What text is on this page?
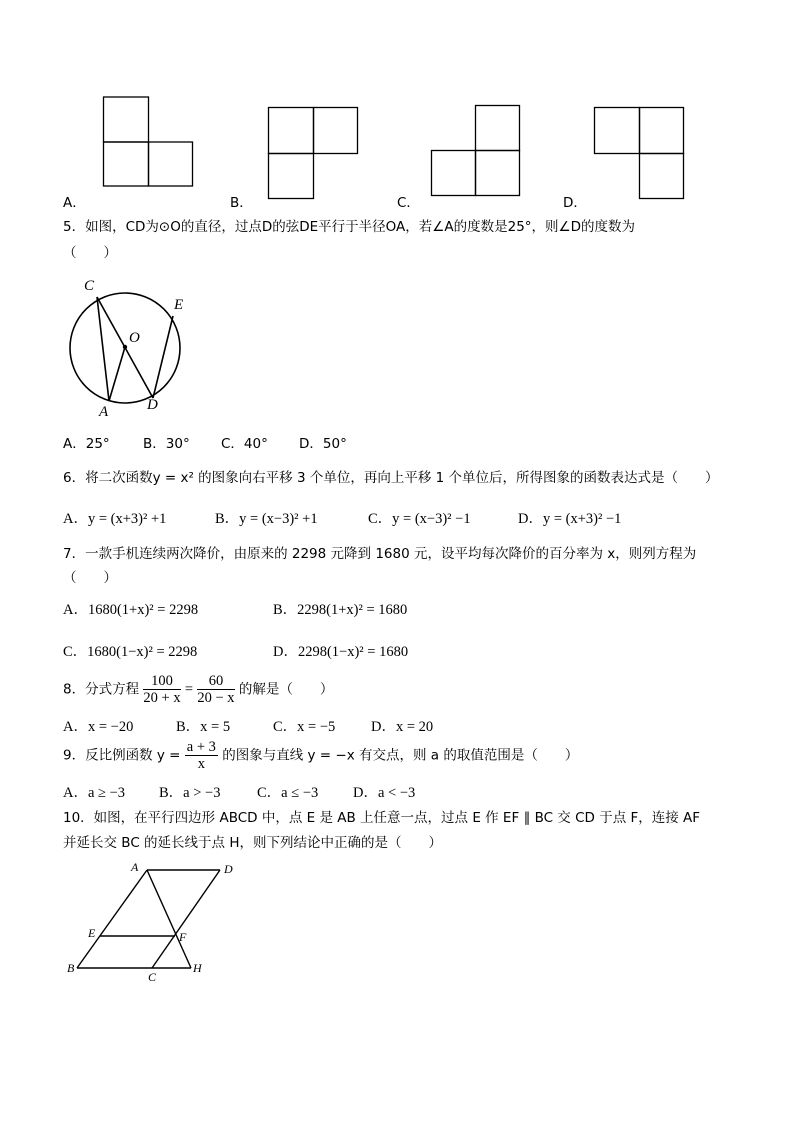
A．	B．	C．	D．
5．如图，CD为⊙O的直径，过点D的弦DE平行于半径OA，若∠A的度数是25°，则∠D的度数为
（　　）
C
E
O
A	D
A．25° B．30° C．40° D．50°
6．将二次函数y = x² 的图象向右平移 3 个单位，再向上平移 1 个单位后，所得图象的函数表达式是（　　）
A．y = (x+3)² +1	B．y = (x−3)² +1	C．y = (x−3)² −1	D．y = (x+3)² −1
7．一款手机连续两次降价，由原来的 2298 元降到 1680 元，设平均每次降价的百分率为 x，则列方程为
（　　）
A．1680(1+x)² = 2298	B．2298(1+x)² = 1680
C．1680(1−x)² = 2298	D．2298(1−x)² = 1680
8．分式方程 $\frac{100}{20 + x} = \frac{60}{20 - x}$ 的解是（　　）
A．x = −20	B．x = 5	C．x = −5 D．x = 20
9．反比例函数 $y = \frac{a + 3}{x}$ 的图象与直线 y = −x 有交点，则 a 的取值范围是（　　）
A．a ≥ −3 B．a > −3	C．a ≤ −3 D．a < −3
10．如图，在平行四边形 ABCD 中，点 E 是 AB 上任意一点，过点 E 作 EF ∥ BC 交 CD 于点 F，连接 AF
并延长交 BC 的延长线于点 H，则下列结论中正确的是（　　）
A	D
E	F
B
C
H
